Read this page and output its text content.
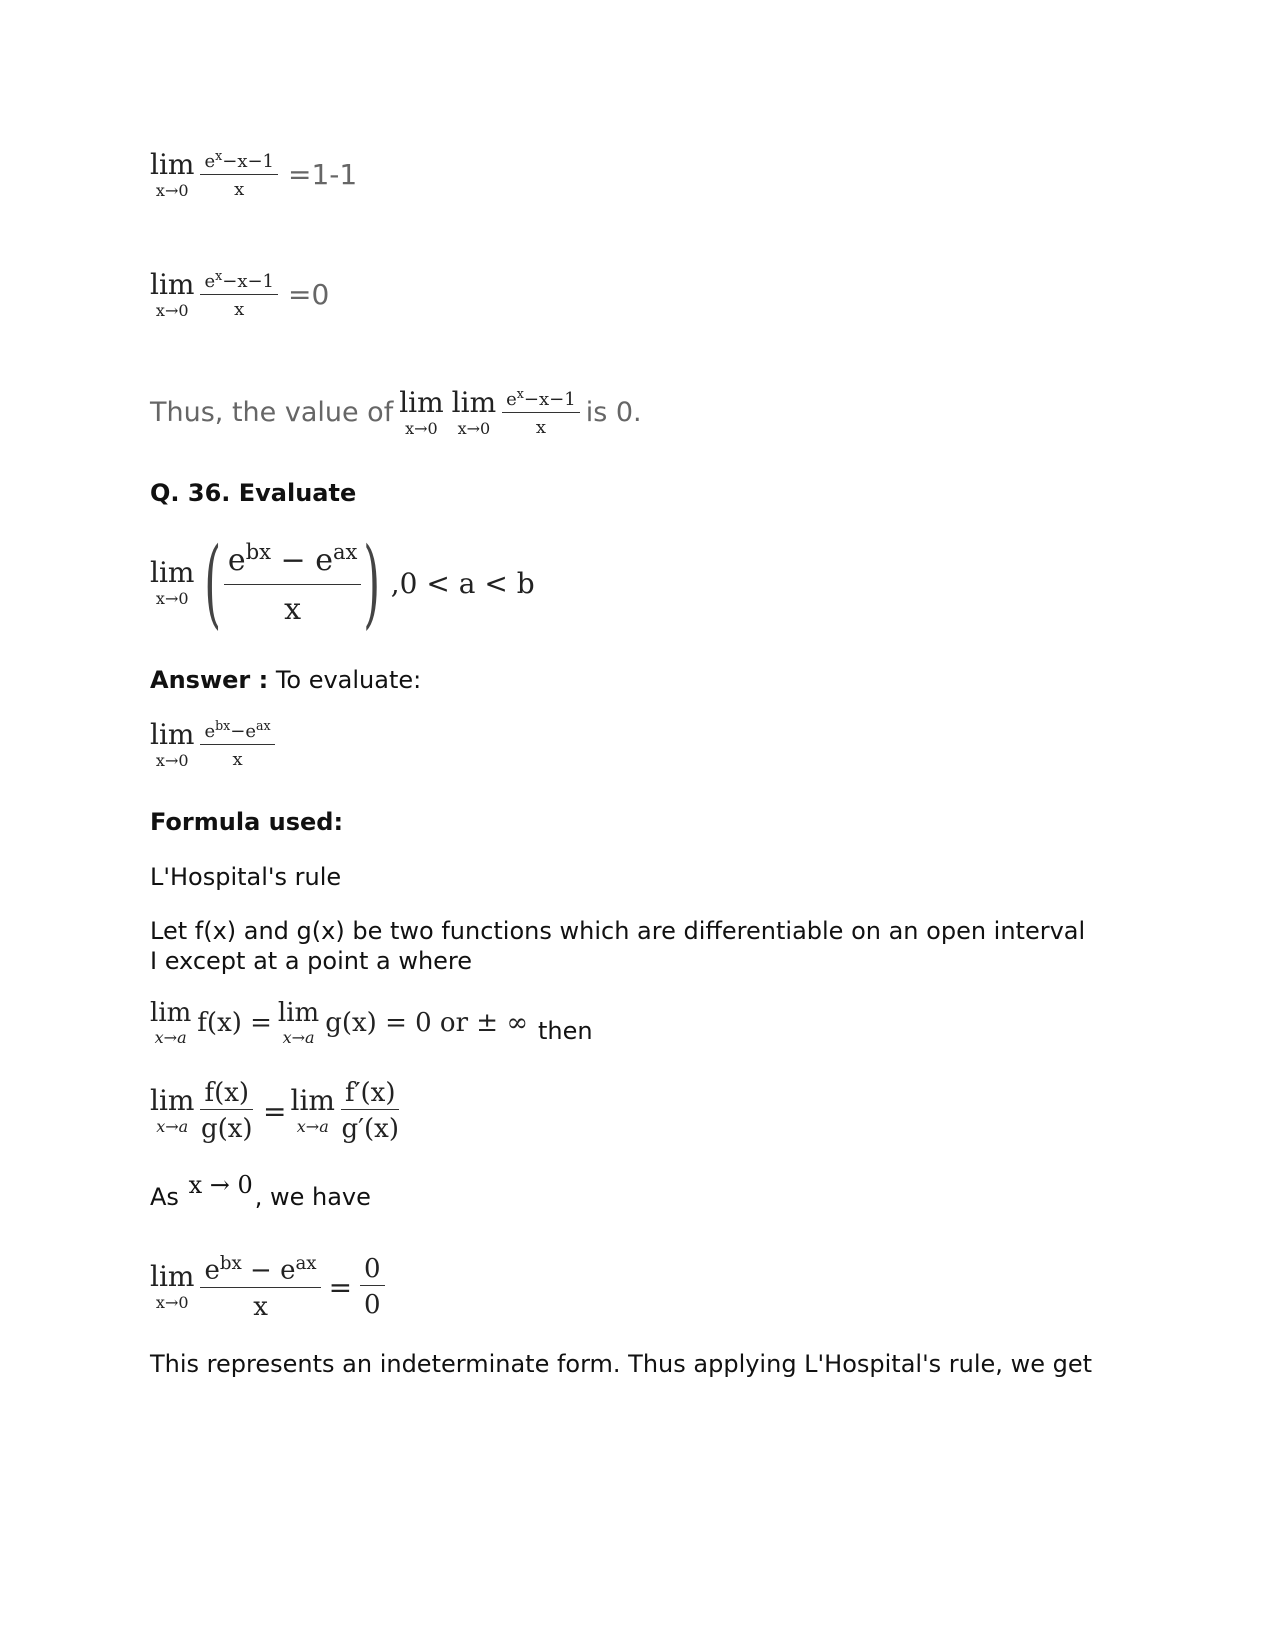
lim
$x\to 0 \frac{e^x-x-1}{x} =1-1$
lim
$x\to 0 \frac{e^x-x-1}{x} =0$
Thus, the value of lim
x→0
lim
$x\to 0 \frac{e^x-x-1}{x}$ is 0.
Q. 36. Evaluate
lim
x→0 ( $\frac{e^{bx} - e^{ax}}{x}$ ) ,0 < a < b
Answer : To evaluate:
lim
$x\to 0 \frac{e^{bx}-e^{ax}}{x}$
Formula used:
L'Hospital's rule
Let f(x) and g(x) be two functions which are differentiable on an open interval I except at a point a where
lim
x→a f(x) = lim
x→a g(x) = 0 or ± ∞ then
lim
$x\to a \frac{f(x)}{g(x)} = \lim$
$x\to a \frac{f'(x)}{g'(x)}$
As x → 0, we have
lim
$x\to 0 \frac{e^{bx} - e^{ax}}{x} = \frac{0}{0}$
This represents an indeterminate form. Thus applying L'Hospital's rule, we get
